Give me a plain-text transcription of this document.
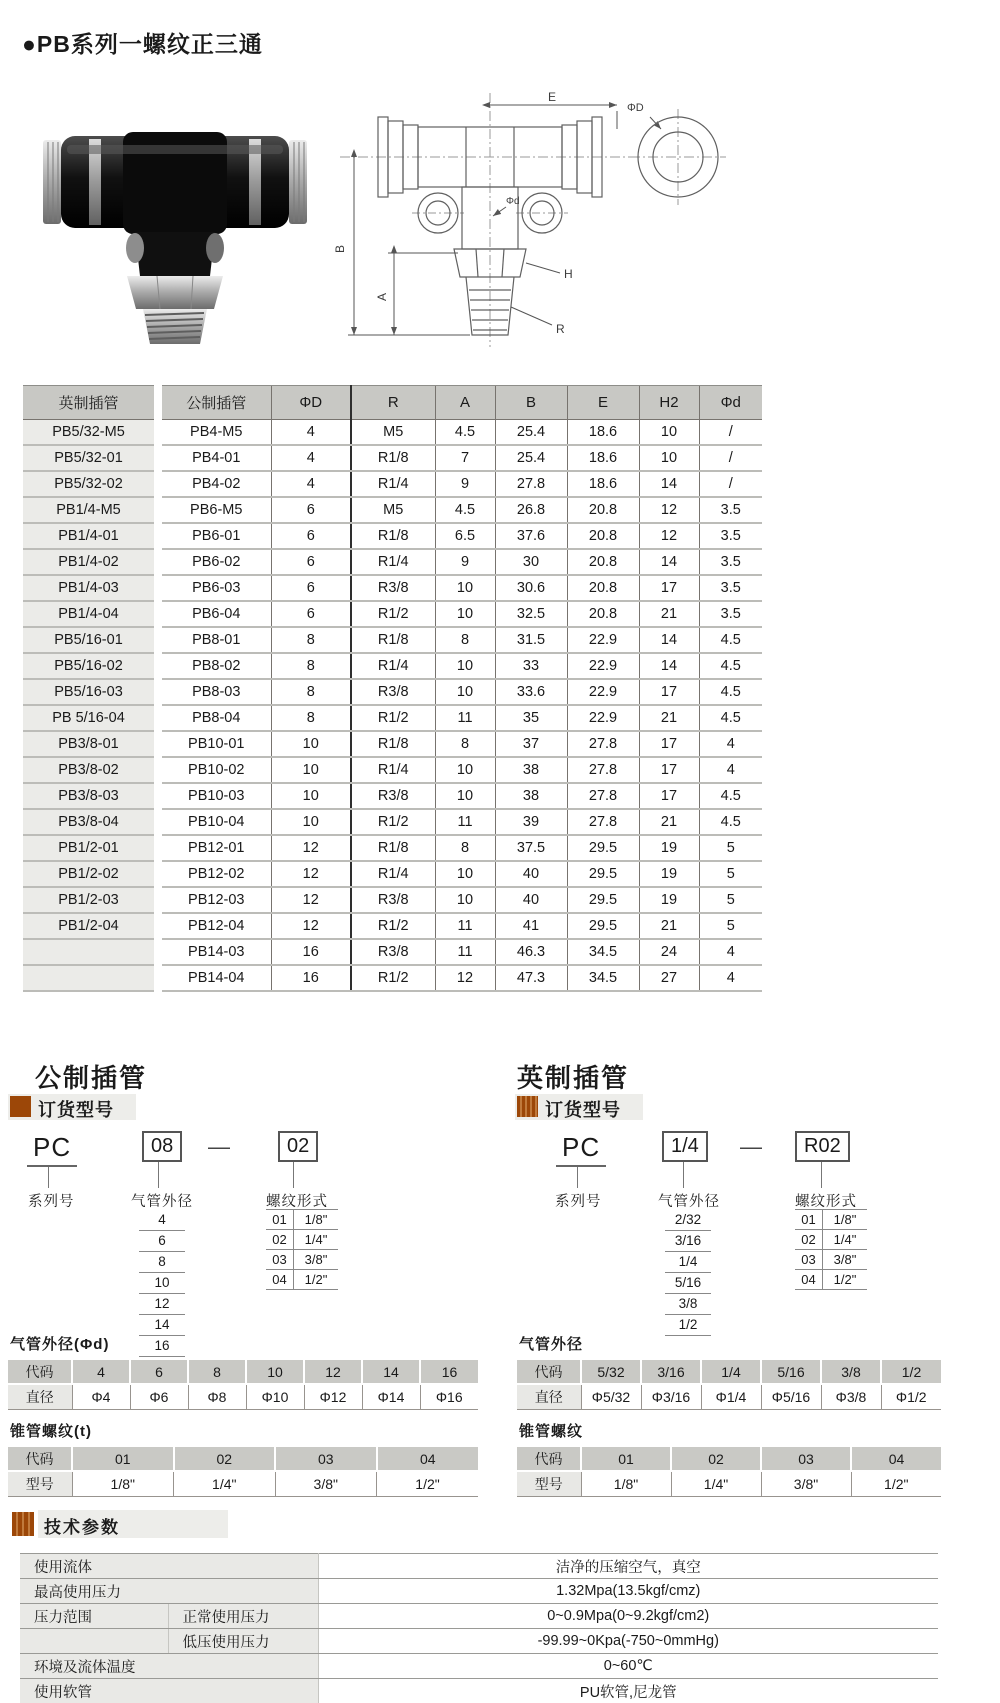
●PB系列一螺纹正三通
E
ΦD
B
A
H
R
Φd
英制插管	公制插管	ΦD	R	A	B	E	H2	Φd
PB5/32-M5	PB4-M5	4	M5	4.5	25.4	18.6	10	/
PB5/32-01	PB4-01	4	R1/8	7	25.4	18.6	10	/
PB5/32-02	PB4-02	4	R1/4	9	27.8	18.6	14	/
PB1/4-M5	PB6-M5	6	M5	4.5	26.8	20.8	12	3.5
PB1/4-01	PB6-01	6	R1/8	6.5	37.6	20.8	12	3.5
PB1/4-02	PB6-02	6	R1/4	9	30	20.8	14	3.5
PB1/4-03	PB6-03	6	R3/8	10	30.6	20.8	17	3.5
PB1/4-04	PB6-04	6	R1/2	10	32.5	20.8	21	3.5
PB5/16-01	PB8-01	8	R1/8	8	31.5	22.9	14	4.5
PB5/16-02	PB8-02	8	R1/4	10	33	22.9	14	4.5
PB5/16-03	PB8-03	8	R3/8	10	33.6	22.9	17	4.5
PB 5/16-04	PB8-04	8	R1/2	11	35	22.9	21	4.5
PB3/8-01	PB10-01	10	R1/8	8	37	27.8	17	4
PB3/8-02	PB10-02	10	R1/4	10	38	27.8	17	4
PB3/8-03	PB10-03	10	R3/8	10	38	27.8	17	4.5
PB3/8-04	PB10-04	10	R1/2	11	39	27.8	21	4.5
PB1/2-01	PB12-01	12	R1/8	8	37.5	29.5	19	5
PB1/2-02	PB12-02	12	R1/4	10	40	29.5	19	5
PB1/2-03	PB12-03	12	R3/8	10	40	29.5	19	5
PB1/2-04	PB12-04	12	R1/2	11	41	29.5	21	5
	PB14-03	16	R3/8	11	46.3	34.5	24	4
	PB14-04	16	R1/2	12	47.3	34.5	27	4
公制插管
订货型号
PC	08	—	02
系列号	气管外径	螺纹形式
4
6
8
10
12
14
16
01	1/8"
02	1/4"
03	3/8"
04	1/2"
英制插管
订货型号
PC	1/4	—	R02
系列号	气管外径	螺纹形式
2/32
3/16
1/4
5/16
3/8
1/2
01	1/8"
02	1/4"
03	3/8"
04	1/2"
气管外径(Φd)
代码	4	6	8	10	12	14	16
直径	Φ4	Φ6	Φ8	Φ10	Φ12	Φ14	Φ16
气管外径
代码	5/32	3/16	1/4	5/16	3/8	1/2
直径	Φ5/32	Φ3/16	Φ1/4	Φ5/16	Φ3/8	Φ1/2
锥管螺纹(t)
代码	01	02	03	04
型号	1/8"	1/4"	3/8"	1/2"
锥管螺纹
代码	01	02	03	04
型号	1/8"	1/4"	3/8"	1/2"
技术参数
使用流体		洁净的压缩空气，真空
最高使用压力		1.32Mpa(13.5kgf/cmz)
压力范围	正常使用压力	0~0.9Mpa(0~9.2kgf/cm2)
	低压使用压力	-99.99~0Kpa(-750~0mmHg)
环境及流体温度		0~60℃
使用软管		PU软管,尼龙管
